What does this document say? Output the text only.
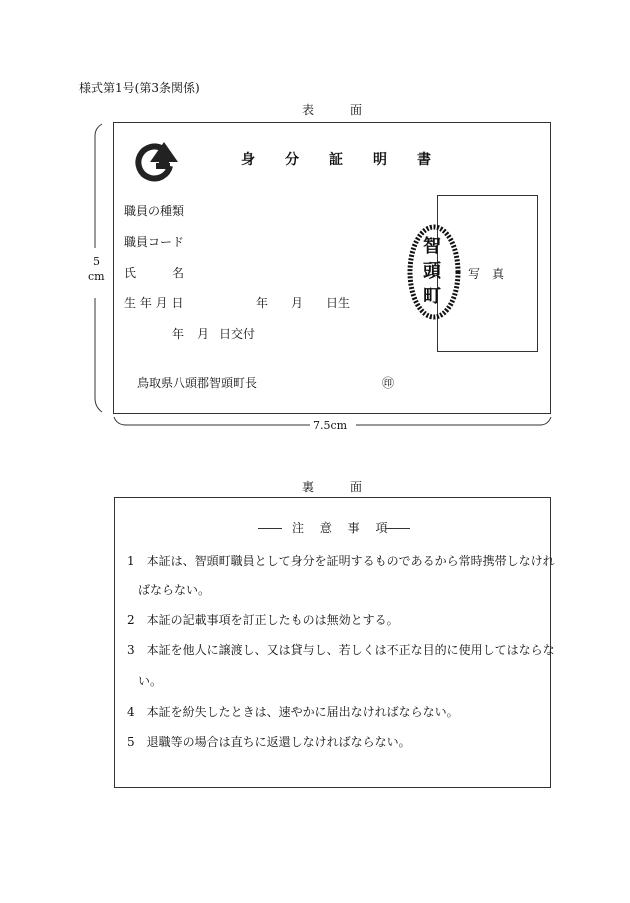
様式第1号(第3条関係)
表面
5
cm
身分証明書
職員の種類
職員コード
氏　　　名
生 年 月 日	年 月 日生
年 月 日交付
鳥取県八頭郡智頭町長	㊞
写　真
智
頭
町
7.5cm
裏面
注 意 事 項
1 本証は、智頭町職員として身分を証明するものであるから常時携帯しなけれ
ばならない。
2 本証の記載事項を訂正したものは無効とする。
3 本証を他人に譲渡し、又は貸与し、若しくは不正な目的に使用してはならな
い。
4 本証を紛失したときは、速やかに届出なければならない。
5 退職等の場合は直ちに返還しなければならない。
